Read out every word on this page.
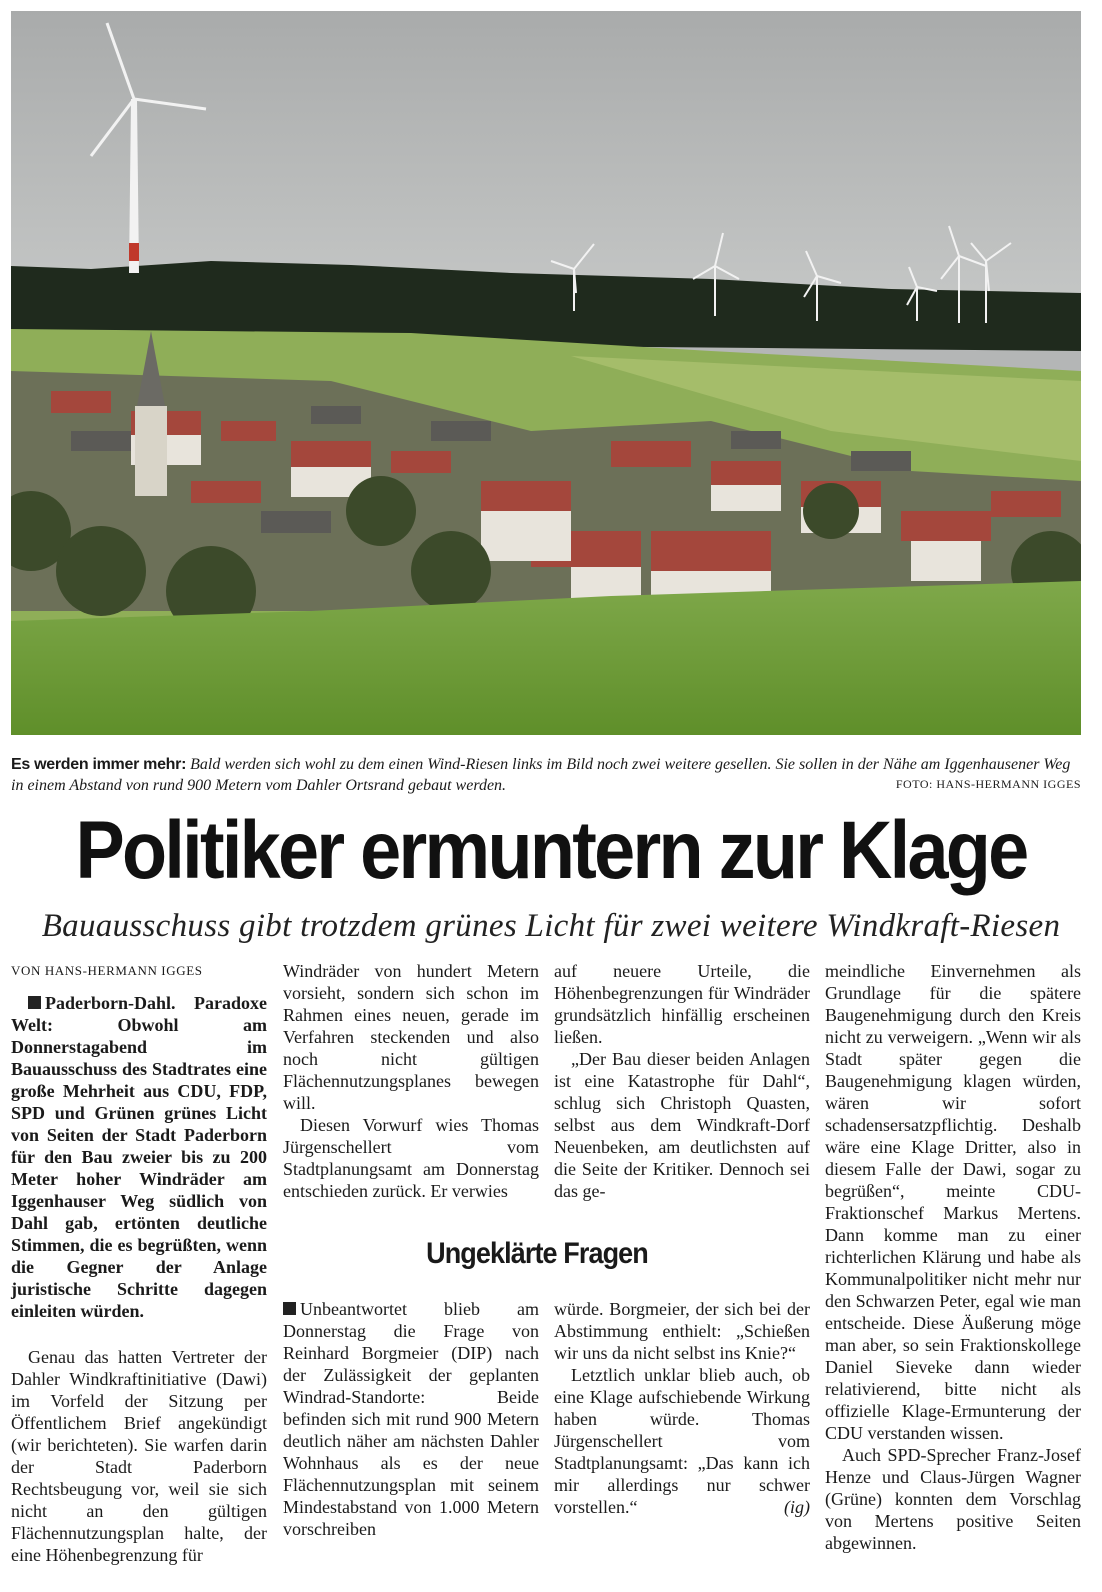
Es werden immer mehr: Bald werden sich wohl zu dem einen Wind-Riesen links im Bild noch zwei weitere gesellen. Sie sollen in der Nähe am Iggenhausener Weg in einem Abstand von rund 900 Metern vom Dahler Ortsrand gebaut werden.	FOTO: HANS-HERMANN IGGES
Politiker ermuntern zur Klage
Bauausschuss gibt trotzdem grünes Licht für zwei weitere Windkraft-Riesen

VON HANS-HERMANN IGGES

Paderborn-Dahl. Paradoxe Welt: Obwohl am Donnerstagabend im Bauausschuss des Stadtrates eine große Mehrheit aus CDU, FDP, SPD und Grünen grünes Licht von Seiten der Stadt Paderborn für den Bau zweier bis zu 200 Meter hoher Windräder am Iggenhauser Weg südlich von Dahl gab, ertönten deutliche Stimmen, die es begrüßten, wenn die Gegner der Anlage juristische Schritte dagegen einleiten würden.

Genau das hatten Vertreter der Dahler Windkraftinitiative (Dawi) im Vorfeld der Sitzung per Öffentlichem Brief angekündigt (wir berichteten). Sie warfen darin der Stadt Paderborn Rechtsbeugung vor, weil sie sich nicht an den gültigen Flächennutzungsplan halte, der eine Höhenbegrenzung für

Windräder von hundert Metern vorsieht, sondern sich schon im Rahmen eines neuen, gerade im Verfahren steckenden und also noch nicht gültigen Flächennutzungsplanes bewegen will.

Diesen Vorwurf wies Thomas Jürgenschellert vom Stadtplanungsamt am Donnerstag entschieden zurück. Er verwies

auf neuere Urteile, die Höhenbegrenzungen für Windräder grundsätzlich hinfällig erscheinen ließen.

„Der Bau dieser beiden Anlagen ist eine Katastrophe für Dahl“, schlug sich Christoph Quasten, selbst aus dem Windkraft-Dorf Neuenbeken, am deutlichsten auf die Seite der Kritiker. Dennoch sei das ge-

Ungeklärte Fragen

Unbeantwortet blieb am Donnerstag die Frage von Reinhard Borgmeier (DIP) nach der Zulässigkeit der geplanten Windrad-Standorte: Beide befinden sich mit rund 900 Metern deutlich näher am nächsten Dahler Wohnhaus als es der neue Flächennutzungsplan mit seinem Mindestabstand von 1.000 Metern vorschreiben

würde. Borgmeier, der sich bei der Abstimmung enthielt: „Schießen wir uns da nicht selbst ins Knie?“

Letztlich unklar blieb auch, ob eine Klage aufschiebende Wirkung haben würde. Thomas Jürgenschellert vom Stadtplanungsamt: „Das kann ich mir allerdings nur schwer vorstellen.“	(ig)

meindliche Einvernehmen als Grundlage für die spätere Baugenehmigung durch den Kreis nicht zu verweigern. „Wenn wir als Stadt später gegen die Baugenehmigung klagen würden, wären wir sofort schadensersatzpflichtig. Deshalb wäre eine Klage Dritter, also in diesem Falle der Dawi, sogar zu begrüßen“, meinte CDU-Fraktionschef Markus Mertens. Dann komme man zu einer richterlichen Klärung und habe als Kommunalpolitiker nicht mehr nur den Schwarzen Peter, egal wie man entscheide. Diese Äußerung möge man aber, so sein Fraktionskollege Daniel Sieveke dann wieder relativierend, bitte nicht als offizielle Klage-Ermunterung der CDU verstanden wissen.

Auch SPD-Sprecher Franz-Josef Henze und Claus-Jürgen Wagner (Grüne) konnten dem Vorschlag von Mertens positive Seiten abgewinnen.
